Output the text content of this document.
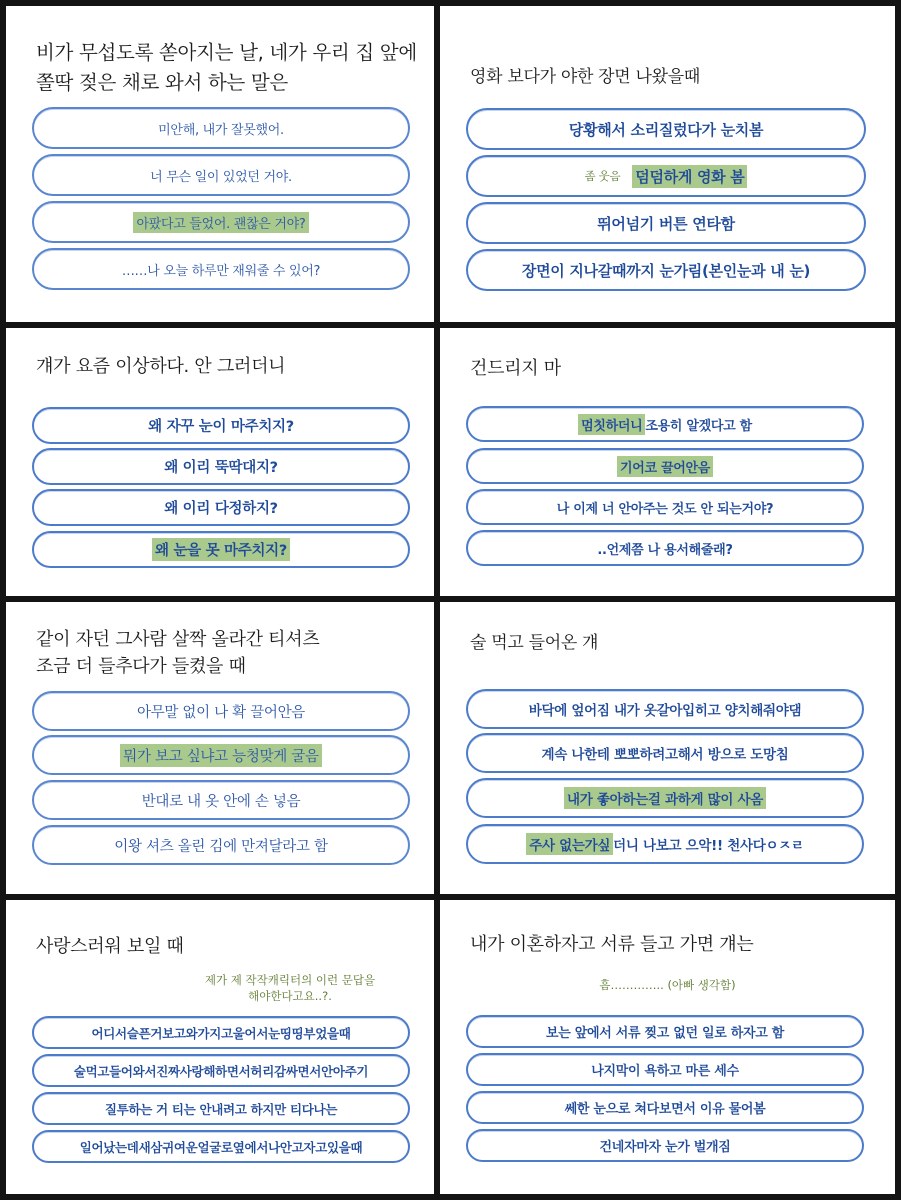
비가 무섭도록 쏟아지는 날, 네가 우리 집 앞에
쫄딱 젖은 채로 와서 하는 말은
미안해, 내가 잘못했어.
너 무슨 일이 있었던 거야.
아팠다고 들었어. 괜찮은 거야?
……나 오늘 하루만 재워줄 수 있어?
영화 보다가 야한 장면 나왔을때
당황해서 소리질렀다가 눈치봄
좀 웃음 덤덤하게 영화 봄
뛰어넘기 버튼 연타함
장면이 지나갈때까지 눈가림(본인눈과 내 눈)
걔가 요즘 이상하다. 안 그러더니
왜 자꾸 눈이 마주치지?
왜 이리 뚝딱대지?
왜 이리 다정하지?
왜 눈을 못 마주치지?
건드리지 마
멈칫하더니 조용히 알겠다고 함
기어코 끌어안음
나 이제 너 안아주는 것도 안 되는거야?
..언제쯤 나 용서해줄래?
같이 자던 그사람 살짝 올라간 티셔츠
조금 더 들추다가 들켰을 때
아무말 없이 나 확 끌어안음
뭐가 보고 싶냐고 능청맞게 굴음
반대로 내 옷 안에 손 넣음
이왕 셔츠 올린 김에 만져달라고 함
술 먹고 들어온 걔
바닥에 엎어짐 내가 옷갈아입히고 양치해줘야댐
계속 나한테 뽀뽀하려고해서 방으로 도망침
내가 좋아하는걸 과하게 많이 사옴
주사 없는가싶 더니 나보고 으악!! 천사다ㅇㅈㄹ
사랑스러워 보일 때
제가 제 작작캐릭터의 이런 문답을
해야한다고요..?.
어디서슬픈거보고와가지고울어서눈띵띵부었을때
술먹고들어와서진짜사랑해하면서허리감싸면서안아주기
질투하는 거 티는 안내려고 하지만 티다나는
일어났는데새삼귀여운얼굴로옆에서나안고자고있을때
내가 이혼하자고 서류 들고 가면 걔는
흠………….. (아빠 생각함)
보는 앞에서 서류 찢고 없던 일로 하자고 함
나지막이 욕하고 마른 세수
쎄한 눈으로 쳐다보면서 이유 물어봄
건네자마자 눈가 벌개짐
